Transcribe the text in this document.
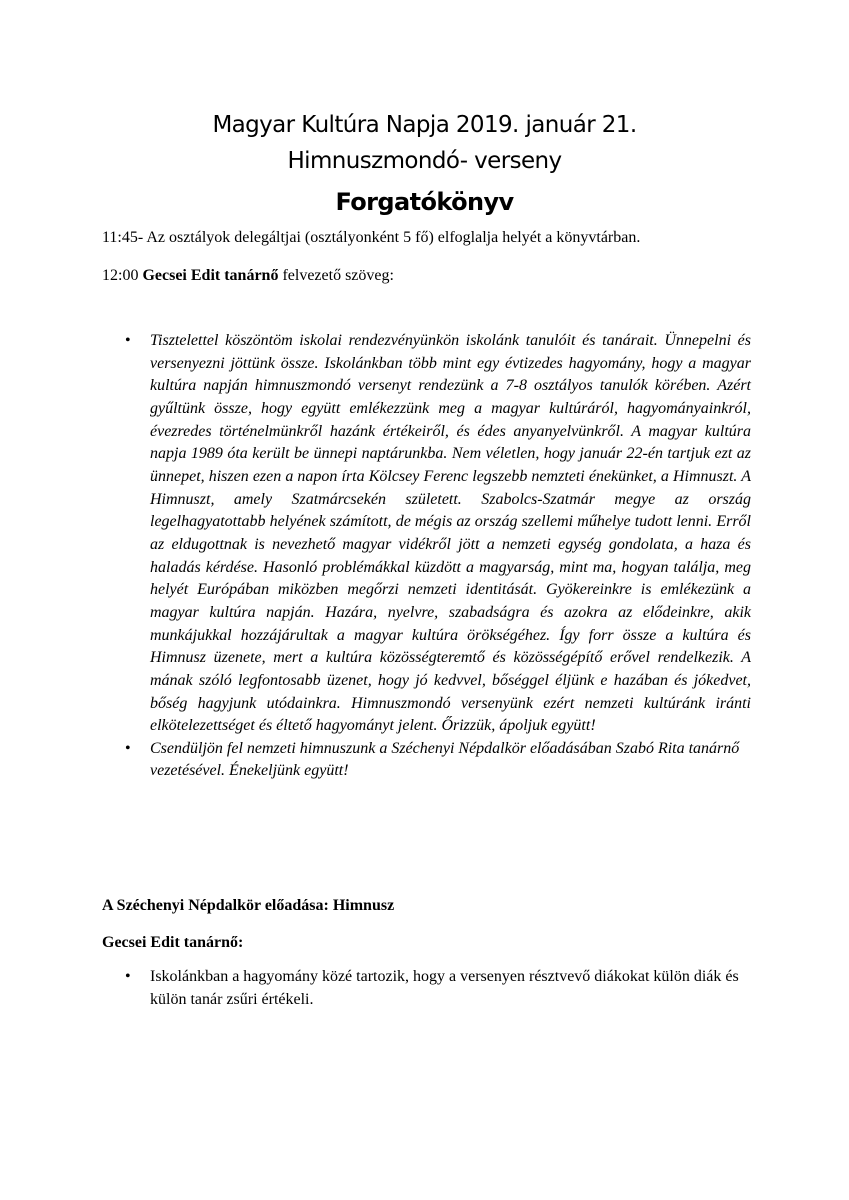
Magyar Kultúra Napja 2019. január 21.
Himnuszmondó- verseny
Forgatókönyv
11:45- Az osztályok delegáltjai (osztályonként 5 fő) elfoglalja helyét a könyvtárban.
12:00 Gecsei Edit tanárnő felvezető szöveg:
• Tisztelettel köszöntöm iskolai rendezvényünkön iskolánk tanulóit és tanárait. Ünnepelni és versenyezni jöttünk össze. Iskolánkban több mint egy évtizedes hagyomány, hogy a magyar kultúra napján himnuszmondó versenyt rendezünk a 7-8 osztályos tanulók körében. Azért gyűltünk össze, hogy együtt emlékezzünk meg a magyar kultúráról, hagyományainkról, évezredes történelmünkről hazánk értékeiről, és édes anyanyelvünkről. A magyar kultúra napja 1989 óta került be ünnepi naptárunkba. Nem véletlen, hogy január 22-én tartjuk ezt az ünnepet, hiszen ezen a napon írta Kölcsey Ferenc legszebb nemzteti énekünket, a Himnuszt. A Himnuszt, amely Szatmárcsekén született. Szabolcs-Szatmár megye az ország legelhagyatottabb helyének számított, de mégis az ország szellemi műhelye tudott lenni. Erről az eldugottnak is nevezhető magyar vidékről jött a nemzeti egység gondolata, a haza és haladás kérdése. Hasonló problémákkal küzdött a magyarság, mint ma, hogyan találja, meg helyét Európában miközben megőrzi nemzeti identitását. Gyökereinkre is emlékezünk a magyar kultúra napján. Hazára, nyelvre, szabadságra és azokra az elődeinkre, akik munkájukkal hozzájárultak a magyar kultúra örökségéhez. Így forr össze a kultúra és Himnusz üzenete, mert a kultúra közösségteremtő és közösségépítő erővel rendelkezik. A mának szóló legfontosabb üzenet, hogy jó kedvvel, bőséggel éljünk e hazában és jókedvet, bőség hagyjunk utódainkra. Himnuszmondó versenyünk ezért nemzeti kultúránk iránti elkötelezettséget és éltető hagyományt jelent. Őrizzük, ápoljuk együtt!
• Csendüljön fel nemzeti himnuszunk a Széchenyi Népdalkör előadásában Szabó Rita tanárnő vezetésével. Énekeljünk együtt!
A Széchenyi Népdalkör előadása: Himnusz
Gecsei Edit tanárnő:
• Iskolánkban a hagyomány közé tartozik, hogy a versenyen résztvevő diákokat külön diák és külön tanár zsűri értékeli.
